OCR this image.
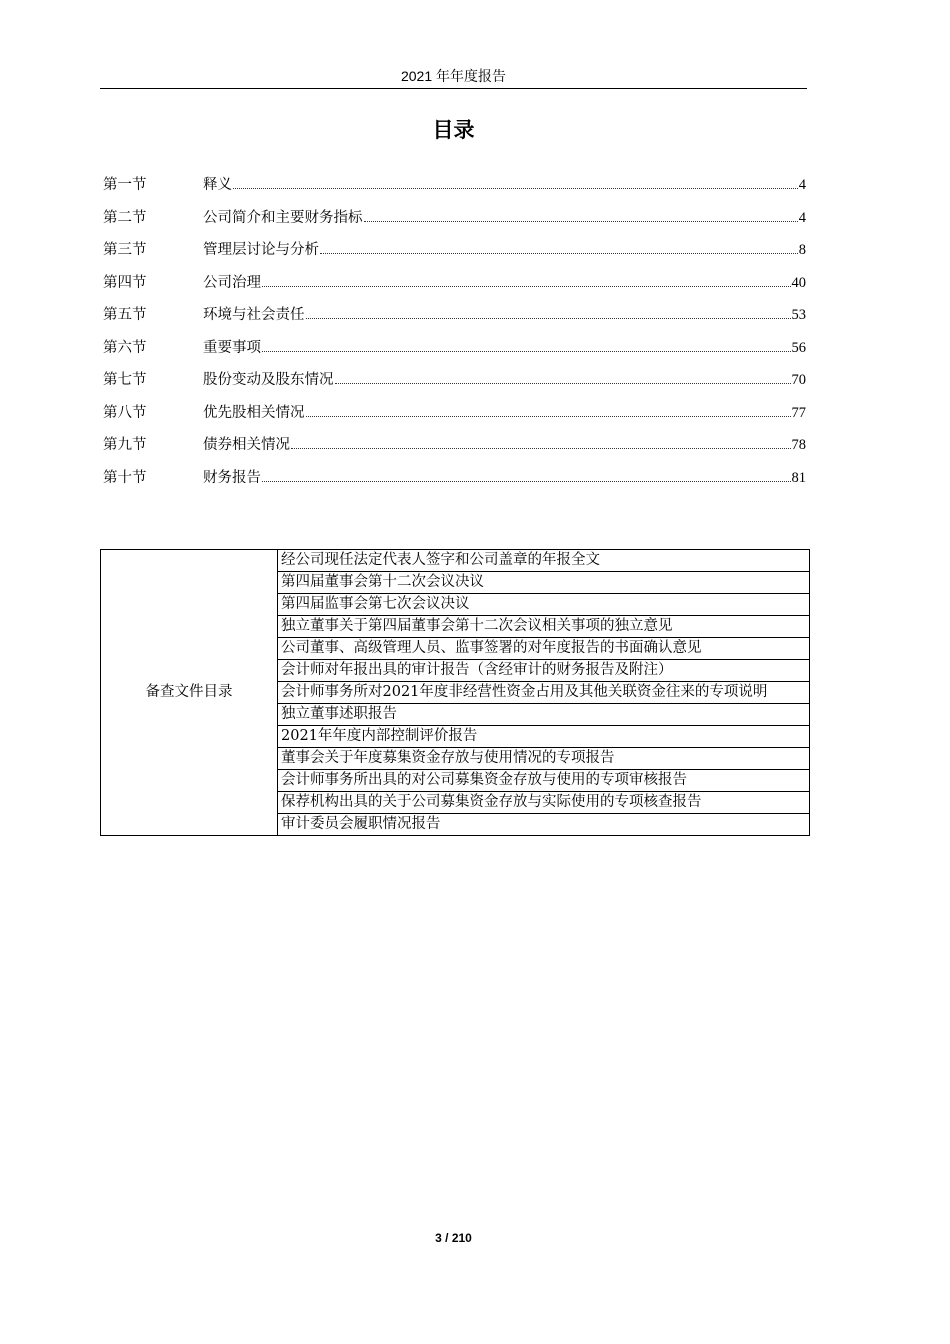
2021 年年度报告
目录
第一节	释义	4
第二节	公司简介和主要财务指标	4
第三节	管理层讨论与分析	8
第四节	公司治理	40
第五节	环境与社会责任	53
第六节	重要事项	56
第七节	股份变动及股东情况	70
第八节	优先股相关情况	77
第九节	债券相关情况	78
第十节	财务报告	81
备查文件目录	经公司现任法定代表人签字和公司盖章的年报全文
第四届董事会第十二次会议决议
第四届监事会第七次会议决议
独立董事关于第四届董事会第十二次会议相关事项的独立意见
公司董事、高级管理人员、监事签署的对年度报告的书面确认意见
会计师对年报出具的审计报告（含经审计的财务报告及附注）
会计师事务所对2021年度非经营性资金占用及其他关联资金往来的专项说明
独立董事述职报告
2021年年度内部控制评价报告
董事会关于年度募集资金存放与使用情况的专项报告
会计师事务所出具的对公司募集资金存放与使用的专项审核报告
保荐机构出具的关于公司募集资金存放与实际使用的专项核查报告
审计委员会履职情况报告
3 / 210
